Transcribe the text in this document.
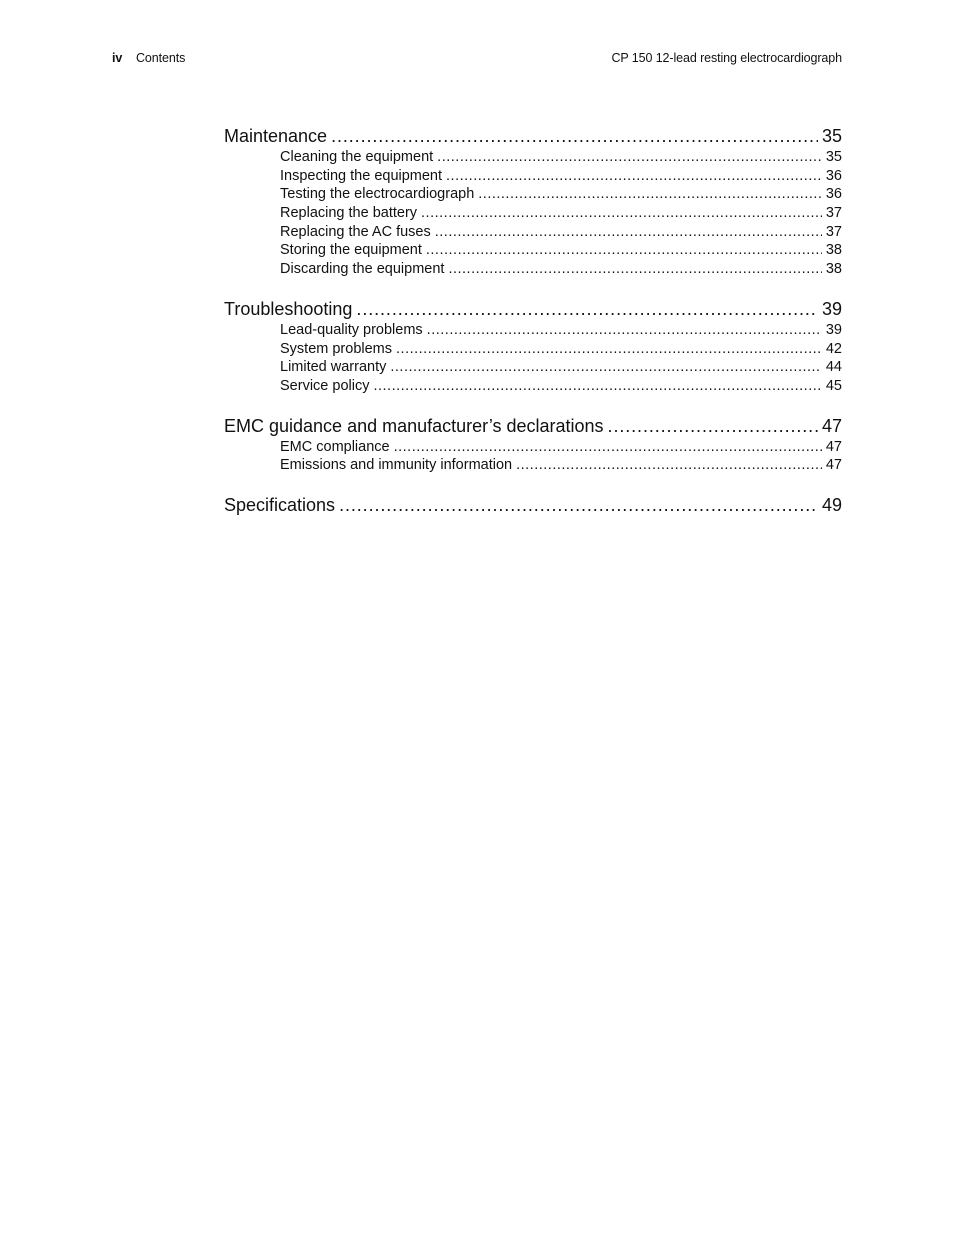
iv Contents	CP 150 12-lead resting electrocardiograph
Maintenance .....	35
Cleaning the equipment .....	35
Inspecting the equipment .....	36
Testing the electrocardiograph .....	36
Replacing the battery .....	37
Replacing the AC fuses .....	37
Storing the equipment .....	38
Discarding the equipment .....	38
Troubleshooting .....	39
Lead-quality problems .....	39
System problems .....	42
Limited warranty .....	44
Service policy .....	45
EMC guidance and manufacturer’s declarations .....	47
EMC compliance .....	47
Emissions and immunity information .....	47
Specifications .....	49
